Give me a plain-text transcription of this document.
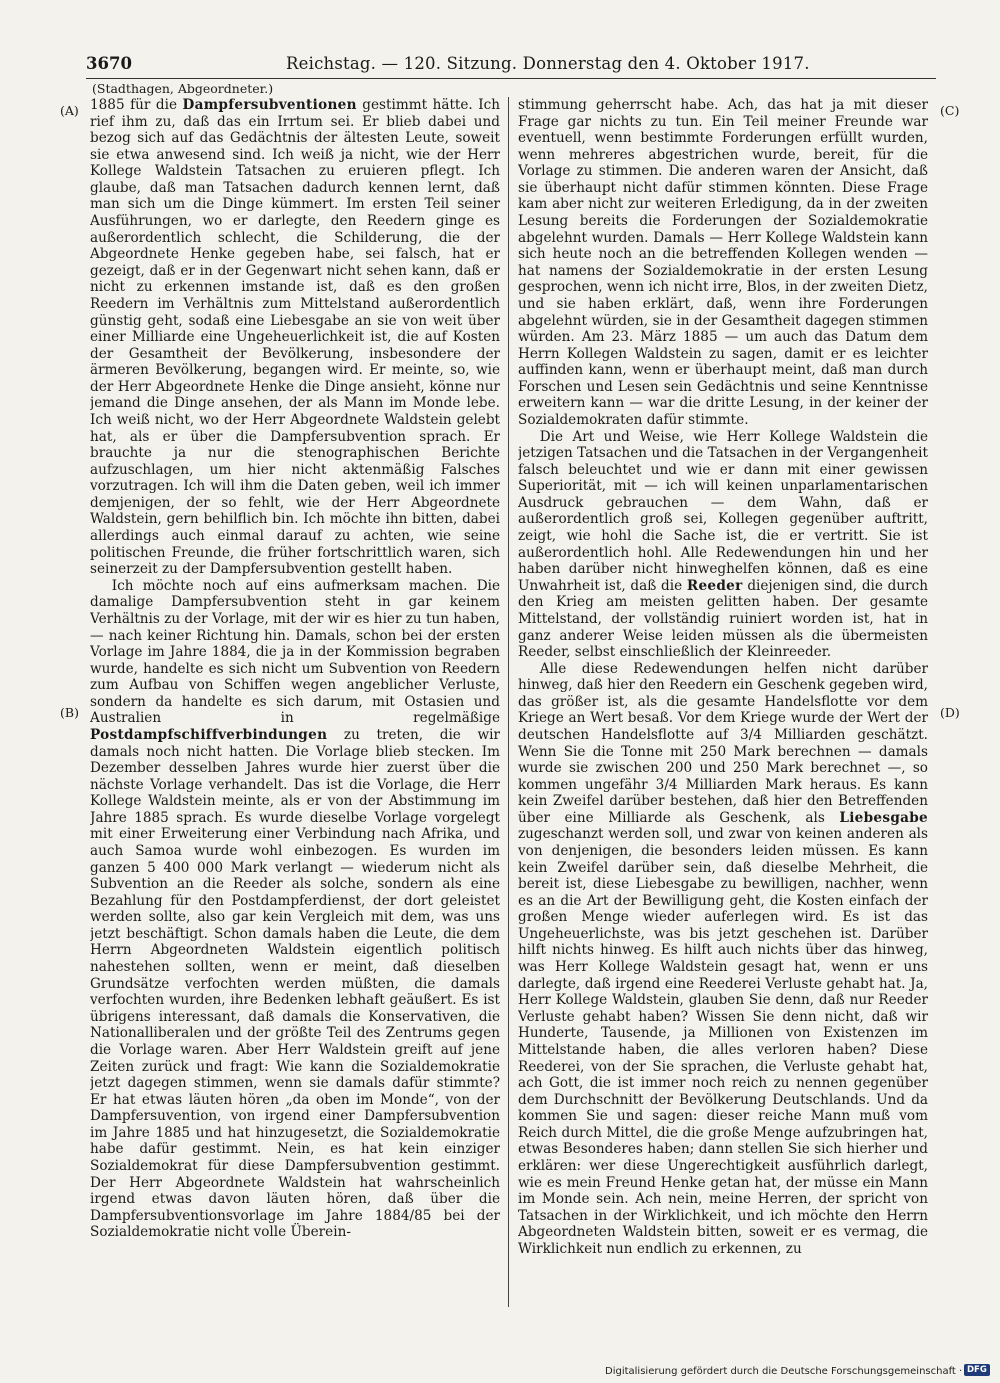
3670	Reichstag. — 120. Sitzung. Donnerstag den 4. Oktober 1917.
(Stadthagen, Abgeordneter.)
(A)
(B)
(C)
(D)

1885 für die Dampfersubventionen gestimmt hätte. Ich rief ihm zu, daß das ein Irrtum sei. Er blieb dabei und bezog sich auf das Gedächtnis der ältesten Leute, soweit sie etwa anwesend sind. Ich weiß ja nicht, wie der Herr Kollege Waldstein Tatsachen zu eruieren pflegt. Ich glaube, daß man Tatsachen dadurch kennen lernt, daß man sich um die Dinge kümmert. Im ersten Teil seiner Ausführungen, wo er darlegte, den Reedern ginge es außerordentlich schlecht, die Schilderung, die der Abgeordnete Henke gegeben habe, sei falsch, hat er gezeigt, daß er in der Gegenwart nicht sehen kann, daß er nicht zu erkennen imstande ist, daß es den großen Reedern im Verhältnis zum Mittelstand außerordentlich günstig geht, sodaß eine Liebesgabe an sie von weit über einer Milliarde eine Ungeheuerlichkeit ist, die auf Kosten der Gesamtheit der Bevölkerung, insbesondere der ärmeren Bevölkerung, begangen wird. Er meinte, so, wie der Herr Abgeordnete Henke die Dinge ansieht, könne nur jemand die Dinge ansehen, der als Mann im Monde lebe. Ich weiß nicht, wo der Herr Abgeordnete Waldstein gelebt hat, als er über die Dampfersubvention sprach. Er brauchte ja nur die stenographischen Berichte aufzuschlagen, um hier nicht aktenmäßig Falsches vorzutragen. Ich will ihm die Daten geben, weil ich immer demjenigen, der so fehlt, wie der Herr Abgeordnete Waldstein, gern behilflich bin. Ich möchte ihn bitten, dabei allerdings auch einmal darauf zu achten, wie seine politischen Freunde, die früher fortschrittlich waren, sich seinerzeit zu der Dampfersubvention gestellt haben.

Ich möchte noch auf eins aufmerksam machen. Die damalige Dampfersubvention steht in gar keinem Verhältnis zu der Vorlage, mit der wir es hier zu tun haben, — nach keiner Richtung hin. Damals, schon bei der ersten Vorlage im Jahre 1884, die ja in der Kommission begraben wurde, handelte es sich nicht um Subvention von Reedern zum Aufbau von Schiffen wegen angeblicher Verluste, sondern da handelte es sich darum, mit Ostasien und Australien in regelmäßige Postdampfschiffverbindungen zu treten, die wir damals noch nicht hatten. Die Vorlage blieb stecken. Im Dezember desselben Jahres wurde hier zuerst über die nächste Vorlage verhandelt. Das ist die Vorlage, die Herr Kollege Waldstein meinte, als er von der Abstimmung im Jahre 1885 sprach. Es wurde dieselbe Vorlage vorgelegt mit einer Erweiterung einer Verbindung nach Afrika, und auch Samoa wurde wohl einbezogen. Es wurden im ganzen 5 400 000 Mark verlangt — wiederum nicht als Subvention an die Reeder als solche, sondern als eine Bezahlung für den Postdampferdienst, der dort geleistet werden sollte, also gar kein Vergleich mit dem, was uns jetzt beschäftigt. Schon damals haben die Leute, die dem Herrn Abgeordneten Waldstein eigentlich politisch nahestehen sollten, wenn er meint, daß dieselben Grundsätze verfochten werden müßten, die damals verfochten wurden, ihre Bedenken lebhaft geäußert. Es ist übrigens interessant, daß damals die Konservativen, die Nationalliberalen und der größte Teil des Zentrums gegen die Vorlage waren. Aber Herr Waldstein greift auf jene Zeiten zurück und fragt: Wie kann die Sozialdemokratie jetzt dagegen stimmen, wenn sie damals dafür stimmte? Er hat etwas läuten hören „da oben im Monde“, von der Dampfersuvention, von irgend einer Dampfersubvention im Jahre 1885 und hat hinzugesetzt, die Sozialdemokratie habe dafür gestimmt. Nein, es hat kein einziger Sozialdemokrat für diese Dampfersubvention gestimmt. Der Herr Abgeordnete Waldstein hat wahrscheinlich irgend etwas davon läuten hören, daß über die Dampfersubventionsvorlage im Jahre 1884/85 bei der Sozialdemokratie nicht volle Überein-

stimmung geherrscht habe. Ach, das hat ja mit dieser Frage gar nichts zu tun. Ein Teil meiner Freunde war eventuell, wenn bestimmte Forderungen erfüllt wurden, wenn mehreres abgestrichen wurde, bereit, für die Vorlage zu stimmen. Die anderen waren der Ansicht, daß sie überhaupt nicht dafür stimmen könnten. Diese Frage kam aber nicht zur weiteren Erledigung, da in der zweiten Lesung bereits die Forderungen der Sozialdemokratie abgelehnt wurden. Damals — Herr Kollege Waldstein kann sich heute noch an die betreffenden Kollegen wenden — hat namens der Sozialdemokratie in der ersten Lesung gesprochen, wenn ich nicht irre, Blos, in der zweiten Dietz, und sie haben erklärt, daß, wenn ihre Forderungen abgelehnt würden, sie in der Gesamtheit dagegen stimmen würden. Am 23. März 1885 — um auch das Datum dem Herrn Kollegen Waldstein zu sagen, damit er es leichter auffinden kann, wenn er überhaupt meint, daß man durch Forschen und Lesen sein Gedächtnis und seine Kenntnisse erweitern kann — war die dritte Lesung, in der keiner der Sozialdemokraten dafür stimmte.

Die Art und Weise, wie Herr Kollege Waldstein die jetzigen Tatsachen und die Tatsachen in der Vergangenheit falsch beleuchtet und wie er dann mit einer gewissen Superiorität, mit — ich will keinen unparlamentarischen Ausdruck gebrauchen — dem Wahn, daß er außerordentlich groß sei, Kollegen gegenüber auftritt, zeigt, wie hohl die Sache ist, die er vertritt. Sie ist außerordentlich hohl. Alle Redewendungen hin und her haben darüber nicht hinweghelfen können, daß es eine Unwahrheit ist, daß die Reeder diejenigen sind, die durch den Krieg am meisten gelitten haben. Der gesamte Mittelstand, der vollständig ruiniert worden ist, hat in ganz anderer Weise leiden müssen als die übermeisten Reeder, selbst einschließlich der Kleinreeder.

Alle diese Redewendungen helfen nicht darüber hinweg, daß hier den Reedern ein Geschenk gegeben wird, das größer ist, als die gesamte Handelsflotte vor dem Kriege an Wert besaß. Vor dem Kriege wurde der Wert der deutschen Handelsflotte auf 3/4 Milliarden geschätzt. Wenn Sie die Tonne mit 250 Mark berechnen — damals wurde sie zwischen 200 und 250 Mark berechnet —, so kommen ungefähr 3/4 Milliarden Mark heraus. Es kann kein Zweifel darüber bestehen, daß hier den Betreffenden über eine Milliarde als Geschenk, als Liebesgabe zugeschanzt werden soll, und zwar von keinen anderen als von denjenigen, die besonders leiden müssen. Es kann kein Zweifel darüber sein, daß dieselbe Mehrheit, die bereit ist, diese Liebesgabe zu bewilligen, nachher, wenn es an die Art der Bewilligung geht, die Kosten einfach der großen Menge wieder auferlegen wird. Es ist das Ungeheuerlichste, was bis jetzt geschehen ist. Darüber hilft nichts hinweg. Es hilft auch nichts über das hinweg, was Herr Kollege Waldstein gesagt hat, wenn er uns darlegte, daß irgend eine Reederei Verluste gehabt hat. Ja, Herr Kollege Waldstein, glauben Sie denn, daß nur Reeder Verluste gehabt haben? Wissen Sie denn nicht, daß wir Hunderte, Tausende, ja Millionen von Existenzen im Mittelstande haben, die alles verloren haben? Diese Reederei, von der Sie sprachen, die Verluste gehabt hat, ach Gott, die ist immer noch reich zu nennen gegenüber dem Durchschnitt der Bevölkerung Deutschlands. Und da kommen Sie und sagen: dieser reiche Mann muß vom Reich durch Mittel, die die große Menge aufzubringen hat, etwas Besonderes haben; dann stellen Sie sich hierher und erklären: wer diese Ungerechtigkeit ausführlich darlegt, wie es mein Freund Henke getan hat, der müsse ein Mann im Monde sein. Ach nein, meine Herren, der spricht von Tatsachen in der Wirklichkeit, und ich möchte den Herrn Abgeordneten Waldstein bitten, soweit er es vermag, die Wirklichkeit nun endlich zu erkennen, zu

Digitalisierung gefördert durch die Deutsche Forschungsgemeinschaft · DFG
